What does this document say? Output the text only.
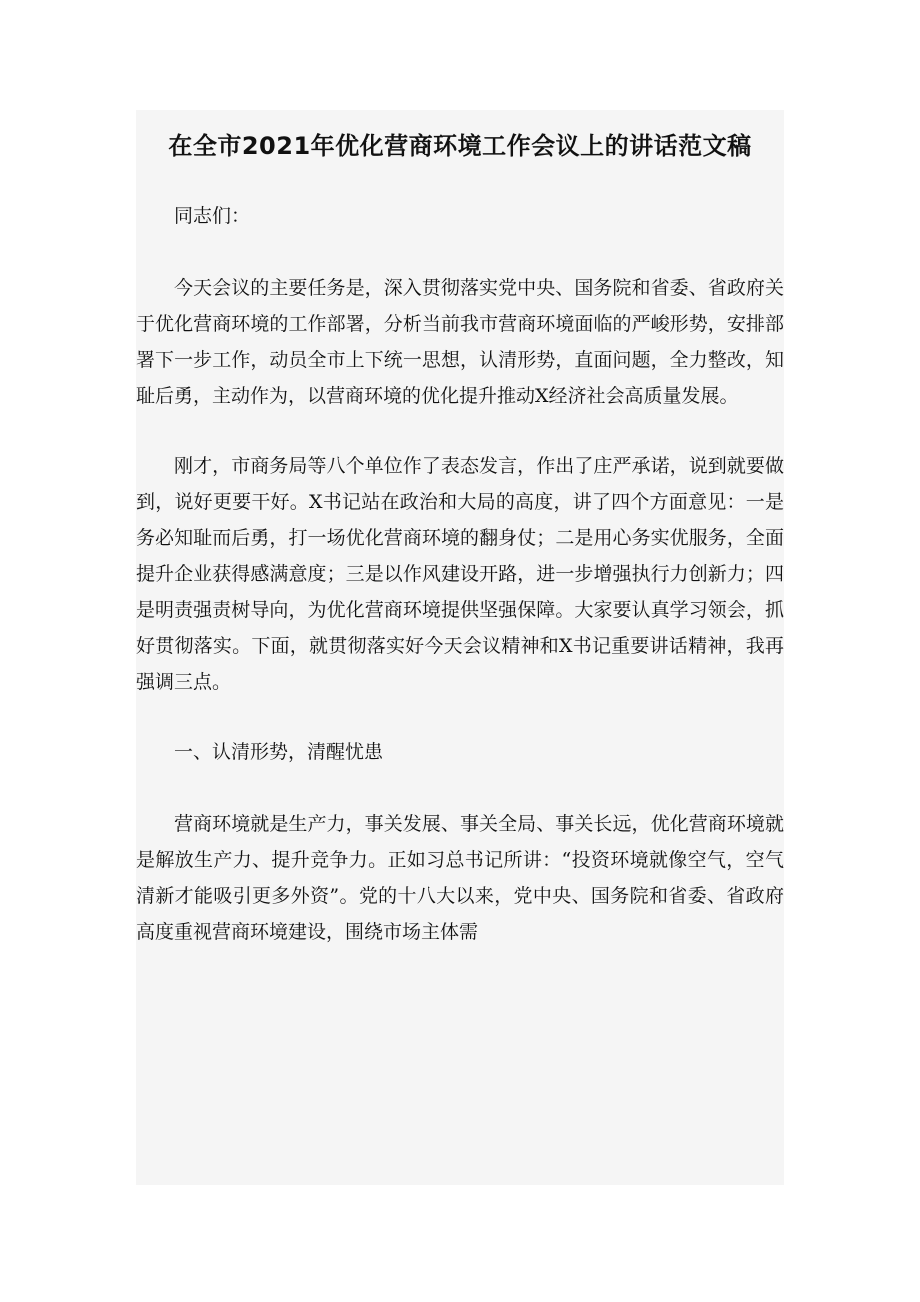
在全市2021年优化营商环境工作会议上的讲话范文稿

同志们：

今天会议的主要任务是，深入贯彻落实党中央、国务院和省委、省政府关于优化营商环境的工作部署，分析当前我市营商环境面临的严峻形势，安排部署下一步工作，动员全市上下统一思想，认清形势，直面问题，全力整改，知耻后勇，主动作为，以营商环境的优化提升推动X经济社会高质量发展。

刚才，市商务局等八个单位作了表态发言，作出了庄严承诺，说到就要做到，说好更要干好。X书记站在政治和大局的高度，讲了四个方面意见：一是务必知耻而后勇，打一场优化营商环境的翻身仗；二是用心务实优服务，全面提升企业获得感满意度；三是以作风建设开路，进一步增强执行力创新力；四是明责强责树导向，为优化营商环境提供坚强保障。大家要认真学习领会，抓好贯彻落实。下面，就贯彻落实好今天会议精神和X书记重要讲话精神，我再强调三点。

一、认清形势，清醒忧患

营商环境就是生产力，事关发展、事关全局、事关长远，优化营商环境就是解放生产力、提升竞争力。正如习总书记所讲：“投资环境就像空气，空气清新才能吸引更多外资”。党的十八大以来，党中央、国务院和省委、省政府高度重视营商环境建设，围绕市场主体需
